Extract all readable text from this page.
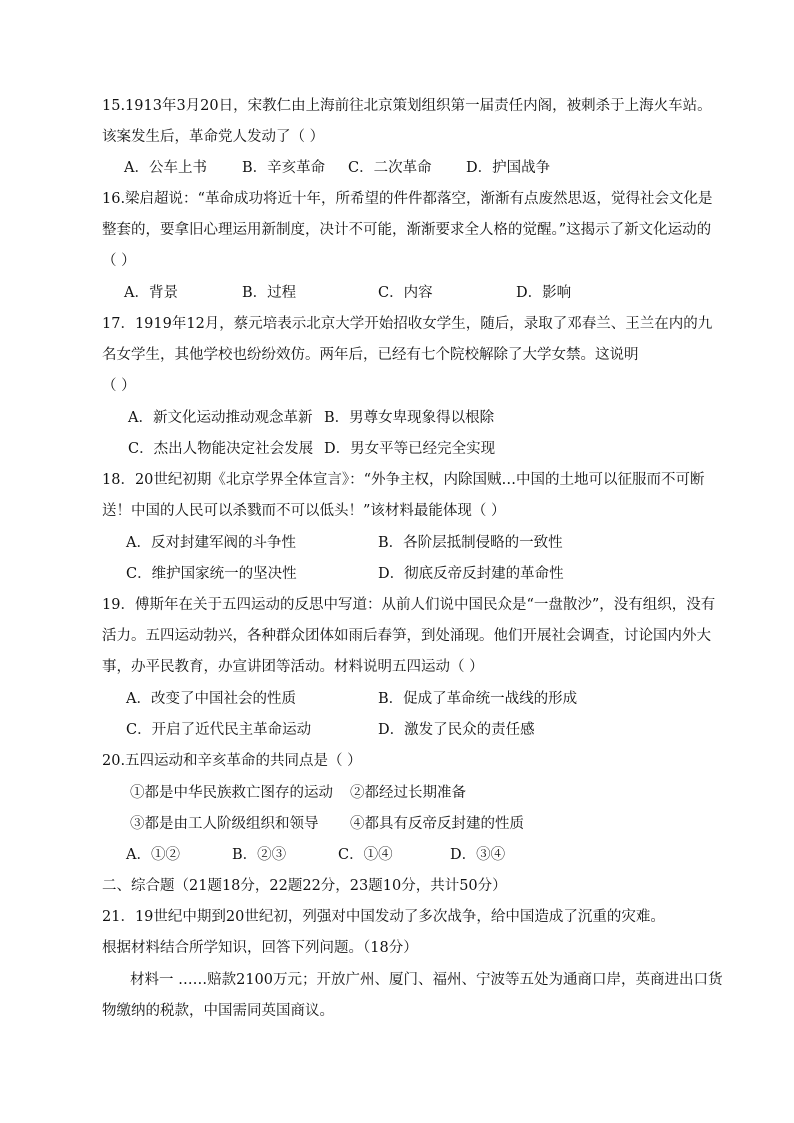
15.1913年3月20日，宋教仁由上海前往北京策划组织第一届责任内阁，被刺杀于上海火车站。
该案发生后，革命党人发动了（ ）
A．公车上书 B．辛亥革命 C．二次革命 D．护国战争
16.梁启超说：“革命成功将近十年，所希望的件件都落空，渐渐有点废然思返，觉得社会文化是
整套的，要拿旧心理运用新制度，决计不可能，渐渐要求全人格的觉醒。”这揭示了新文化运动的
（ ）
A．背景	B．过程	C．内容	D．影响
17．1919年12月，蔡元培表示北京大学开始招收女学生，随后，录取了邓春兰、王兰在内的九
名女学生，其他学校也纷纷效仿。两年后，已经有七个院校解除了大学女禁。这说明
（ ）
A．新文化运动推动观念革新 B．男尊女卑现象得以根除
C．杰出人物能决定社会发展 D．男女平等已经完全实现
18．20世纪初期《北京学界全体宣言》：“外争主权，内除国贼…中国的土地可以征服而不可断
送！中国的人民可以杀戮而不可以低头！”该材料最能体现（ ）
A．反对封建军阀的斗争性	B．各阶层抵制侵略的一致性
C．维护国家统一的坚决性	D．彻底反帝反封建的革命性
19．傅斯年在关于五四运动的反思中写道：从前人们说中国民众是“一盘散沙”，没有组织，没有
活力。五四运动勃兴，各种群众团体如雨后春笋，到处涌现。他们开展社会调查，讨论国内外大
事，办平民教育，办宣讲团等活动。材料说明五四运动（ ）
A．改变了中国社会的性质	B．促成了革命统一战线的形成
C．开启了近代民主革命运动	D．激发了民众的责任感
20.五四运动和辛亥革命的共同点是（ ）
①都是中华民族救亡图存的运动 ②都经过长期准备
③都是由工人阶级组织和领导 ④都具有反帝反封建的性质
A．①②	B．②③	C．①④	D．③④
二、综合题（21题18分，22题22分，23题10分，共计50分）
21．19世纪中期到20世纪初，列强对中国发动了多次战争，给中国造成了沉重的灾难。
根据材料结合所学知识，回答下列问题。（18分）
材料一 ……赔款2100万元；开放广州、厦门、福州、宁波等五处为通商口岸，英商进出口货
物缴纳的税款，中国需同英国商议。
